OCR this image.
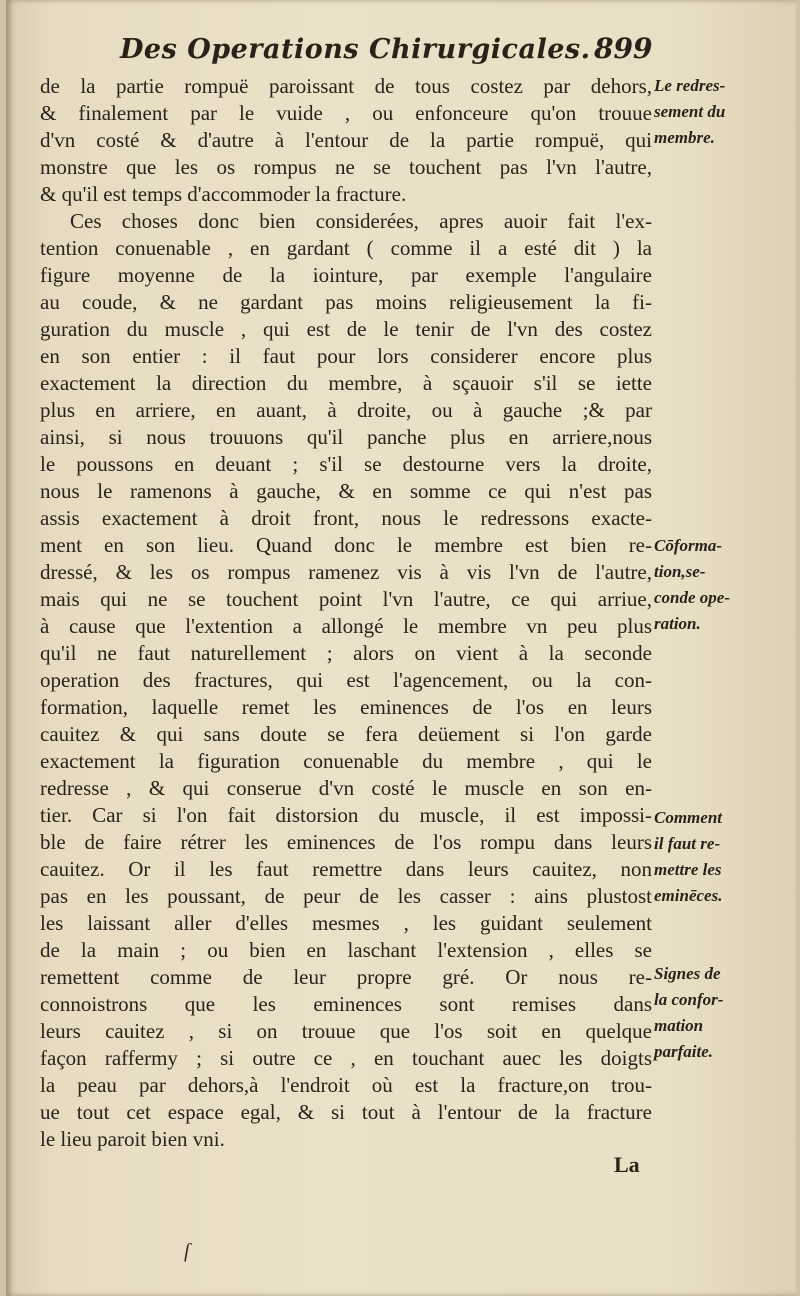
Des Operations Chirurgicales. 899
de la partie rompuë paroissant de tous costez par dehors,
& finalement par le vuide , ou enfonceure qu'on trouue
d'vn costé & d'autre à l'entour de la partie rompuë, qui
monstre que les os rompus ne se touchent pas l'vn l'autre,
& qu'il est temps d'accommoder la fracture.
Ces choses donc bien considerées, apres auoir fait l'ex-
tention conuenable , en gardant ( comme il a esté dit ) la
figure moyenne de la iointure, par exemple l'angulaire
au coude, & ne gardant pas moins religieusement la fi-
guration du muscle , qui est de le tenir de l'vn des costez
en son entier : il faut pour lors considerer encore plus
exactement la direction du membre, à sçauoir s'il se iette
plus en arriere, en auant, à droite, ou à gauche ;& par
ainsi, si nous trouuons qu'il panche plus en arriere,nous
le poussons en deuant ; s'il se destourne vers la droite,
nous le ramenons à gauche, & en somme ce qui n'est pas
assis exactement à droit front, nous le redressons exacte-
ment en son lieu. Quand donc le membre est bien re-
dressé, & les os rompus ramenez vis à vis l'vn de l'autre,
mais qui ne se touchent point l'vn l'autre, ce qui arriue,
à cause que l'extention a allongé le membre vn peu plus
qu'il ne faut naturellement ; alors on vient à la seconde
operation des fractures, qui est l'agencement, ou la con-
formation, laquelle remet les eminences de l'os en leurs
cauitez & qui sans doute se fera deüement si l'on garde
exactement la figuration conuenable du membre , qui le
redresse , & qui conserue d'vn costé le muscle en son en-
tier. Car si l'on fait distorsion du muscle, il est impossi-
ble de faire rétrer les eminences de l'os rompu dans leurs
cauitez. Or il les faut remettre dans leurs cauitez, non
pas en les poussant, de peur de les casser : ains plustost
les laissant aller d'elles mesmes , les guidant seulement
de la main ; ou bien en laschant l'extension , elles se
remettent comme de leur propre gré. Or nous re-
connoistrons que les eminences sont remises dans
leurs cauitez , si on trouue que l'os soit en quelque
façon raffermy ; si outre ce , en touchant auec les doigts
la peau par dehors,à l'endroit où est la fracture,on trou-
ue tout cet espace egal, & si tout à l'entour de la fracture
le lieu paroit bien vni.
Le redres-
sement du
membre.
Cōforma-
tion,se-
conde ope-
ration.
Comment
il faut re-
mettre les
eminēces.
Signes de
la confor-
mation
parfaite.
La
ſ
